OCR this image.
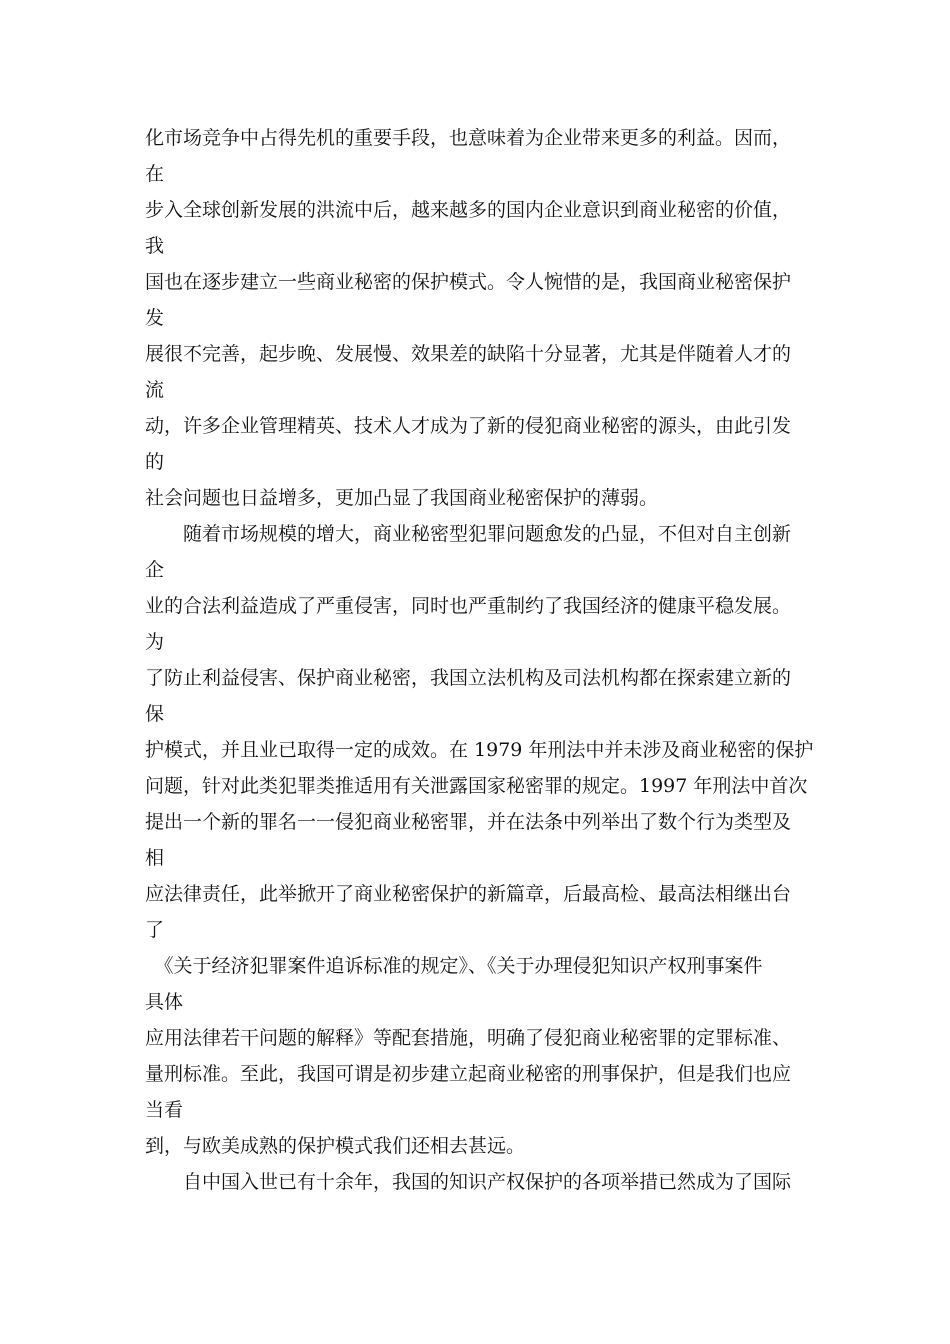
化市场竞争中占得先机的重要手段，也意味着为企业带来更多的利益。因而，
在
步入全球创新发展的洪流中后，越来越多的国内企业意识到商业秘密的价值，
我
国也在逐步建立一些商业秘密的保护模式。令人惋惜的是，我国商业秘密保护
发
展很不完善，起步晚、发展慢、效果差的缺陷十分显著，尤其是伴随着人才的
流
动，许多企业管理精英、技术人才成为了新的侵犯商业秘密的源头，由此引发
的
社会问题也日益增多，更加凸显了我国商业秘密保护的薄弱。
　　随着市场规模的增大，商业秘密型犯罪问题愈发的凸显，不但对自主创新
企
业的合法利益造成了严重侵害，同时也严重制约了我国经济的健康平稳发展。
为
了防止利益侵害、保护商业秘密，我国立法机构及司法机构都在探索建立新的
保
护模式，并且业已取得一定的成效。在 1979 年刑法中并未涉及商业秘密的保护
问题，针对此类犯罪类推适用有关泄露国家秘密罪的规定。1997 年刑法中首次
提出一个新的罪名一一侵犯商业秘密罪，并在法条中列举出了数个行为类型及
相
应法律责任，此举掀开了商业秘密保护的新篇章，后最高检、最高法相继出台
了
　《关于经济犯罪案件追诉标准的规定》、《关于办理侵犯知识产权刑事案件
具体
应用法律若干问题的解释》等配套措施，明确了侵犯商业秘密罪的定罪标准、
量刑标准。至此，我国可谓是初步建立起商业秘密的刑事保护，但是我们也应
当看
到，与欧美成熟的保护模式我们还相去甚远。
　　自中国入世已有十余年，我国的知识产权保护的各项举措已然成为了国际
